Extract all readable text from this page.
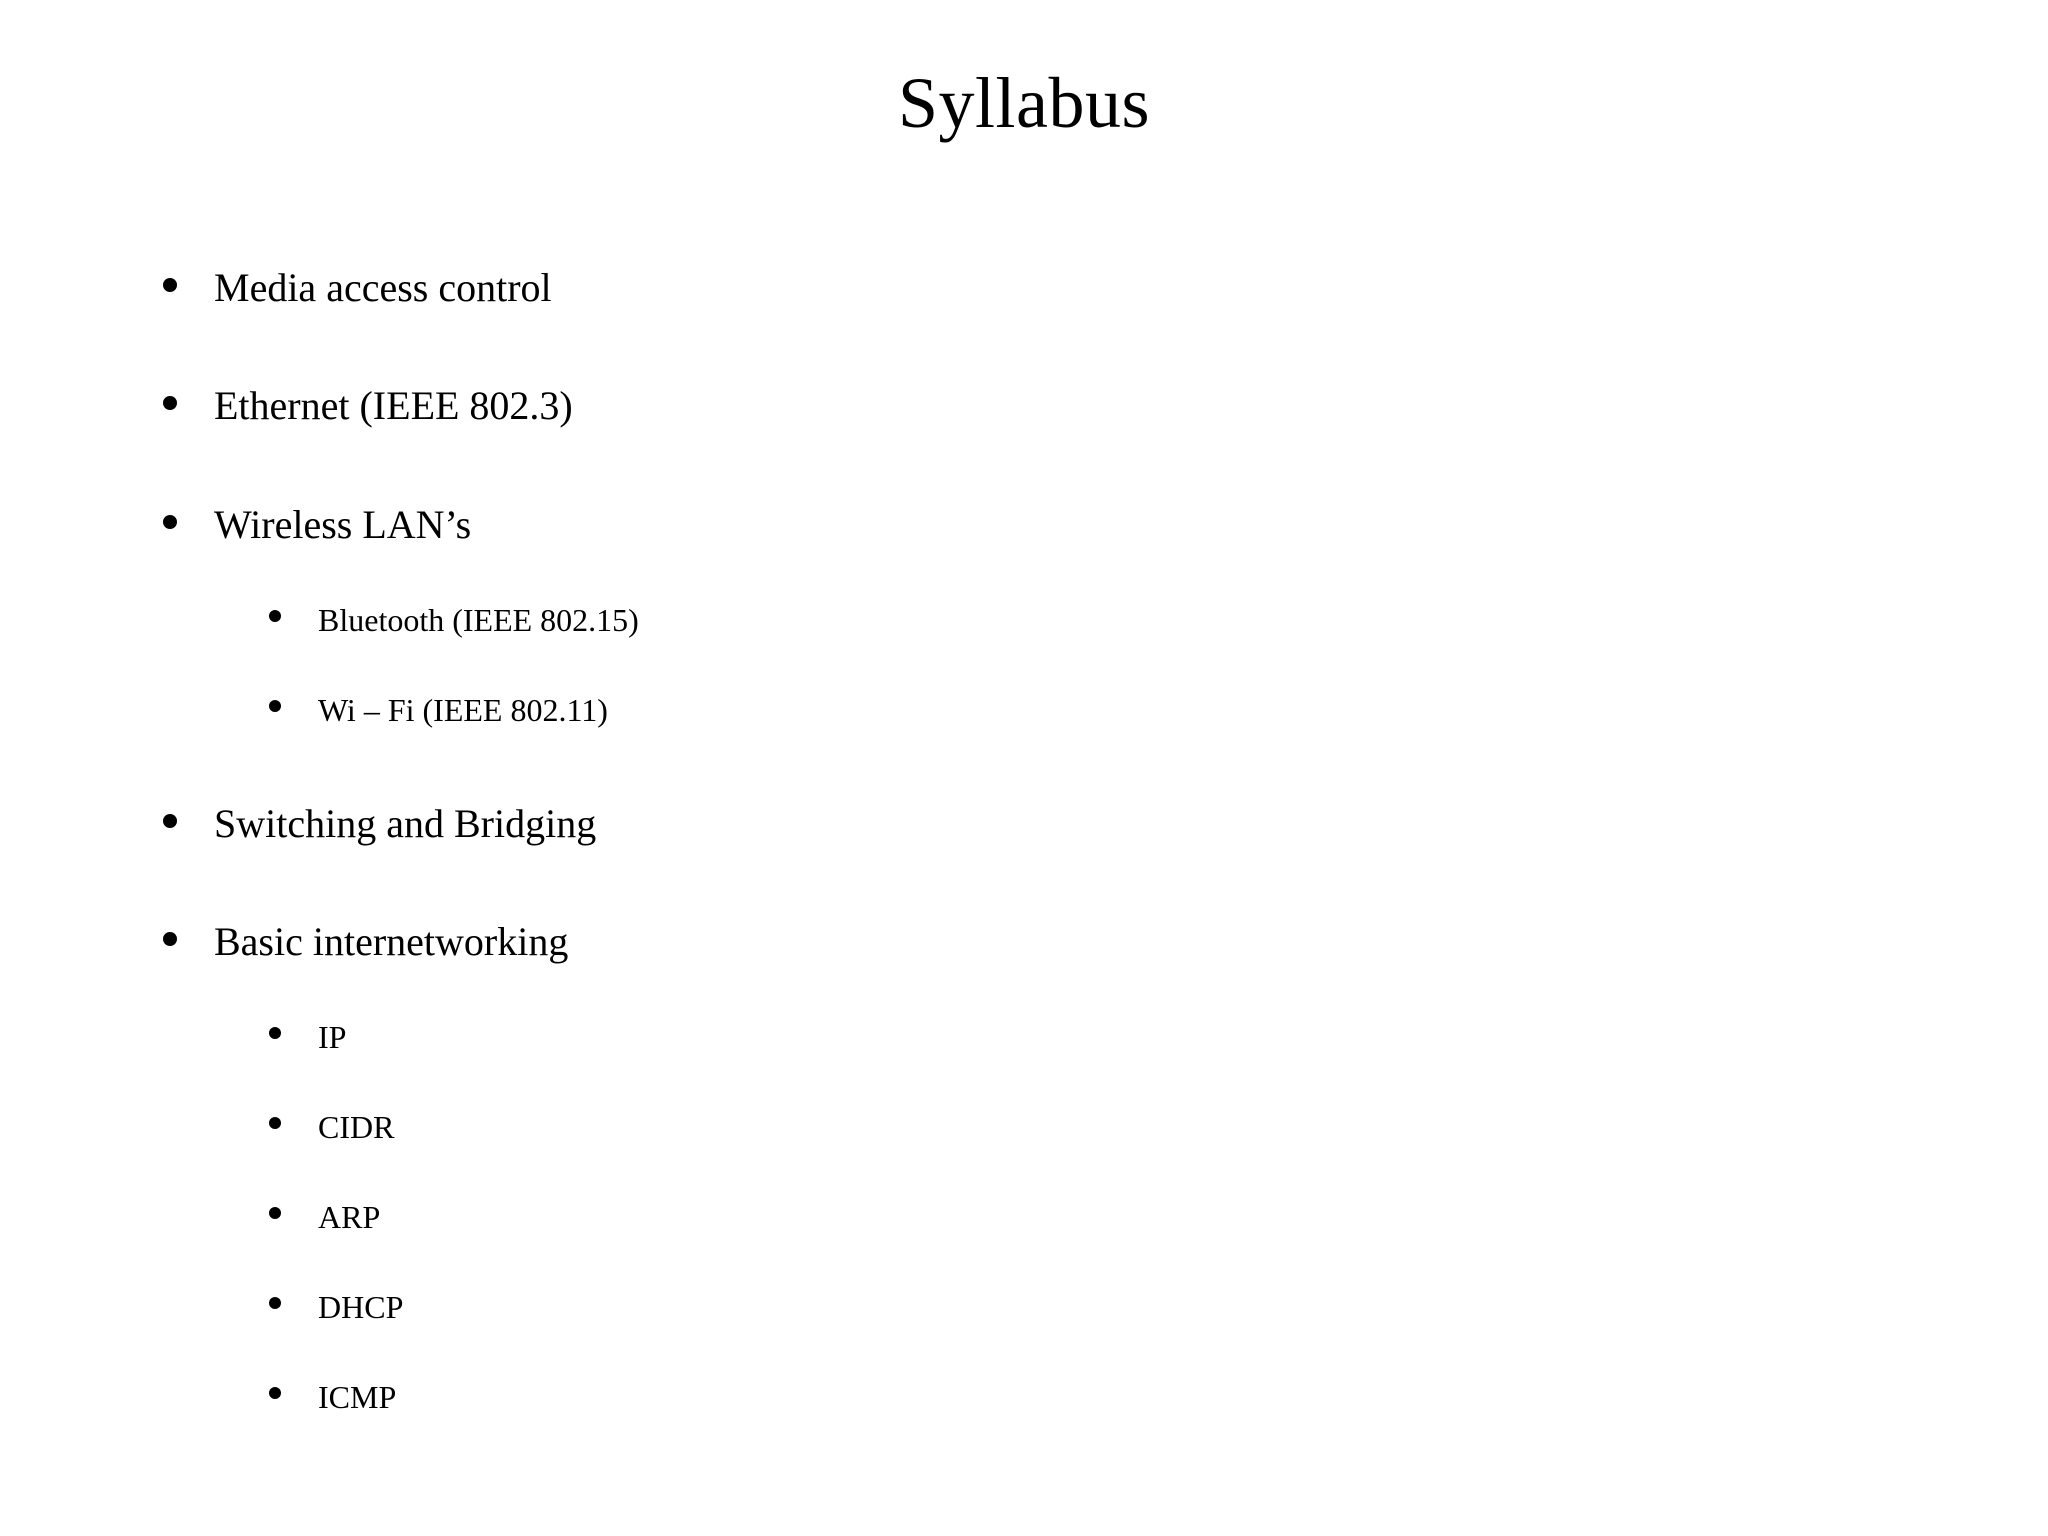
Syllabus
Media access control
Ethernet (IEEE 802.3)
Wireless LAN’s
Bluetooth (IEEE 802.15)
Wi – Fi (IEEE 802.11)
Switching and Bridging
Basic internetworking
IP
CIDR
ARP
DHCP
ICMP
